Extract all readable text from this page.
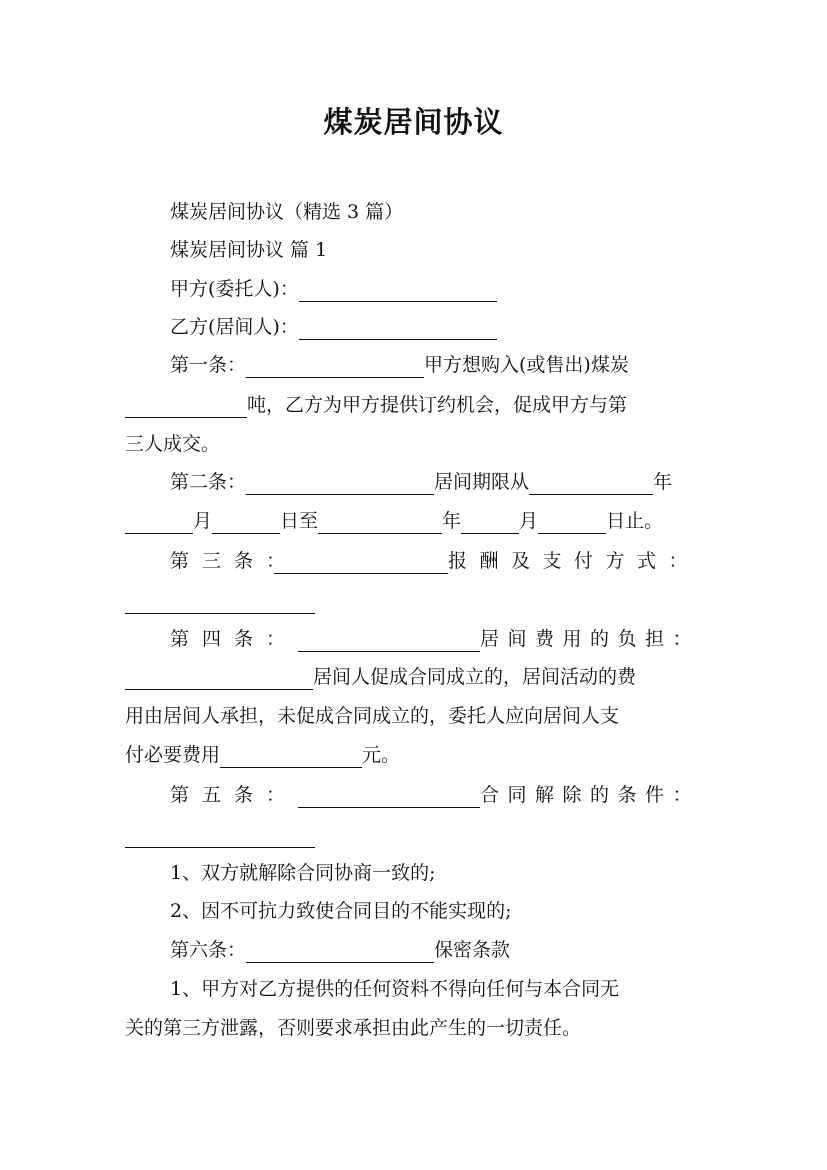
煤炭居间协议
煤炭居间协议（精选 3 篇）
煤炭居间协议 篇 1
甲方(委托人)：
乙方(居间人)：
第一条：	甲方想购入(或售出)煤炭
吨，乙方为甲方提供订约机会，促成甲方与第
三人成交。
第二条：	居间期限从	年
月	日至	年	月	日止。
第三条：	报酬及支付方式：
第四条：	居间费用的负担：
居间人促成合同成立的，居间活动的费
用由居间人承担，未促成合同成立的，委托人应向居间人支
付必要费用	元。
第五条：	合同解除的条件：
1、双方就解除合同协商一致的;
2、因不可抗力致使合同目的不能实现的;
第六条：	保密条款
1、甲方对乙方提供的任何资料不得向任何与本合同无
关的第三方泄露，否则要求承担由此产生的一切责任。
